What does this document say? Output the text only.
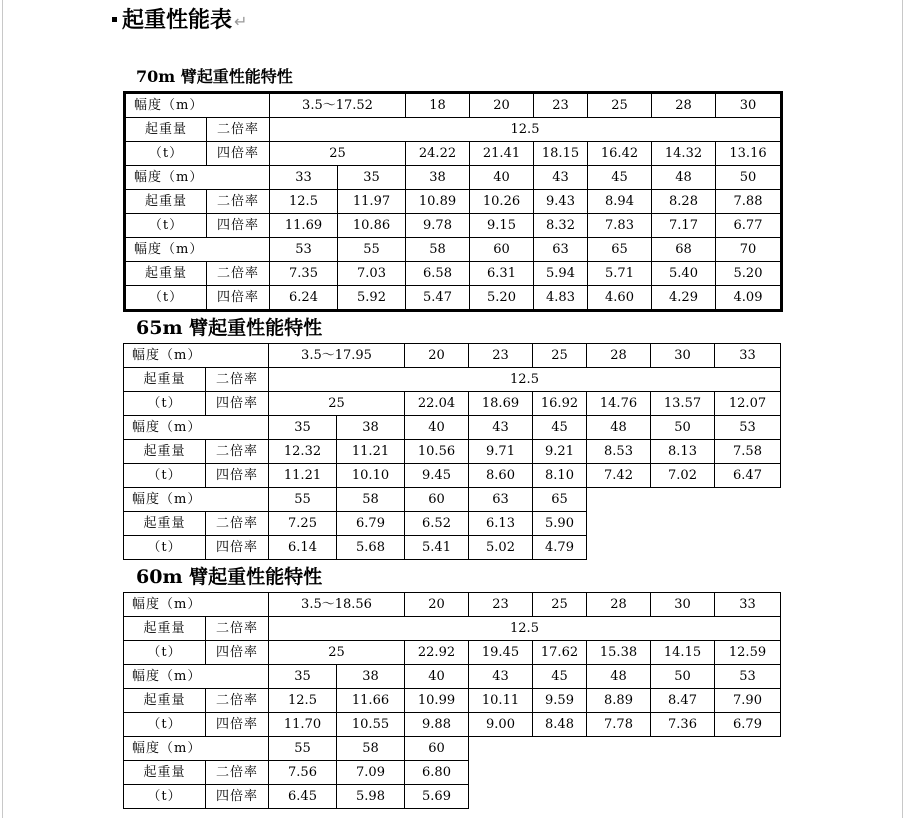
起重性能表 ↵
70m 臂起重性能特性
幅度（m）		3.5～17.52		18	20	23	25	28	30
起重量	二倍率	12.5							
（t）	四倍率	25		24.22	21.41	18.15	16.42	14.32	13.16
幅度（m）		33	35	38	40	43	45	48	50
起重量	二倍率	12.5	11.97	10.89	10.26	9.43	8.94	8.28	7.88
（t）	四倍率	11.69	10.86	9.78	9.15	8.32	7.83	7.17	6.77
幅度（m）		53	55	58	60	63	65	68	70
起重量	二倍率	7.35	7.03	6.58	6.31	5.94	5.71	5.40	5.20
（t）	四倍率	6.24	5.92	5.47	5.20	4.83	4.60	4.29	4.09
65m 臂起重性能特性
幅度（m）		3.5～17.95		20	23	25	28	30	33
起重量	二倍率	12.5							
（t）	四倍率	25		22.04	18.69	16.92	14.76	13.57	12.07
幅度（m）		35	38	40	43	45	48	50	53
起重量	二倍率	12.32	11.21	10.56	9.71	9.21	8.53	8.13	7.58
（t）	四倍率	11.21	10.10	9.45	8.60	8.10	7.42	7.02	6.47
幅度（m）		55	58	60	63	65			
起重量	二倍率	7.25	6.79	6.52	6.13	5.90			
（t）	四倍率	6.14	5.68	5.41	5.02	4.79			
60m 臂起重性能特性
幅度（m）		3.5～18.56		20	23	25	28	30	33
起重量	二倍率	12.5							
（t）	四倍率	25		22.92	19.45	17.62	15.38	14.15	12.59
幅度（m）		35	38	40	43	45	48	50	53
起重量	二倍率	12.5	11.66	10.99	10.11	9.59	8.89	8.47	7.90
（t）	四倍率	11.70	10.55	9.88	9.00	8.48	7.78	7.36	6.79
幅度（m）		55	58	60					
起重量	二倍率	7.56	7.09	6.80					
（t）	四倍率	6.45	5.98	5.69					
